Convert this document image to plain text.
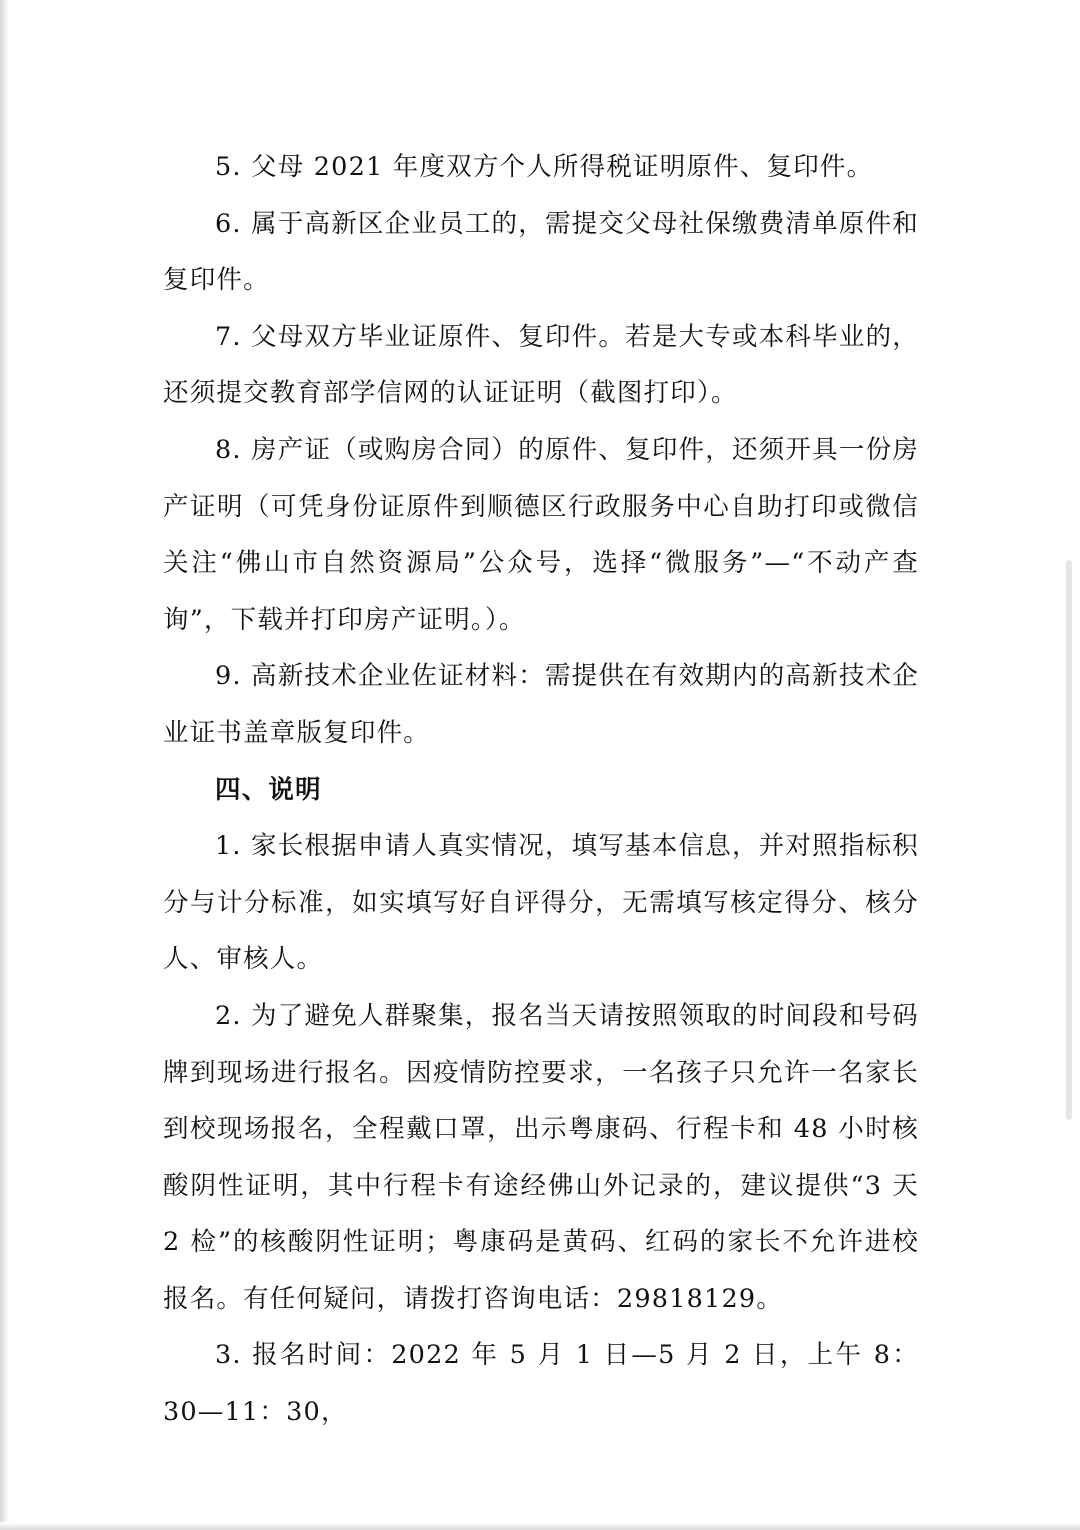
5. 父母 2021 年度双方个人所得税证明原件、复印件。

6. 属于高新区企业员工的，需提交父母社保缴费清单原件和复印件。

7. 父母双方毕业证原件、复印件。若是大专或本科毕业的，还须提交教育部学信网的认证证明（截图打印）。

8. 房产证（或购房合同）的原件、复印件，还须开具一份房产证明（可凭身份证原件到顺德区行政服务中心自助打印或微信关注“佛山市自然资源局”公众号，选择“微服务”—“不动产查询”，下载并打印房产证明。）。

9. 高新技术企业佐证材料：需提供在有效期内的高新技术企业证书盖章版复印件。

四、说明

1. 家长根据申请人真实情况，填写基本信息，并对照指标积分与计分标准，如实填写好自评得分，无需填写核定得分、核分人、审核人。

2. 为了避免人群聚集，报名当天请按照领取的时间段和号码牌到现场进行报名。因疫情防控要求，一名孩子只允许一名家长到校现场报名，全程戴口罩，出示粤康码、行程卡和 48 小时核酸阴性证明，其中行程卡有途经佛山外记录的，建议提供“3 天 2 检”的核酸阴性证明；粤康码是黄码、红码的家长不允许进校报名。有任何疑问，请拨打咨询电话：29818129。

3. 报名时间：2022 年 5 月 1 日—5 月 2 日，上午 8：30—11：30，
